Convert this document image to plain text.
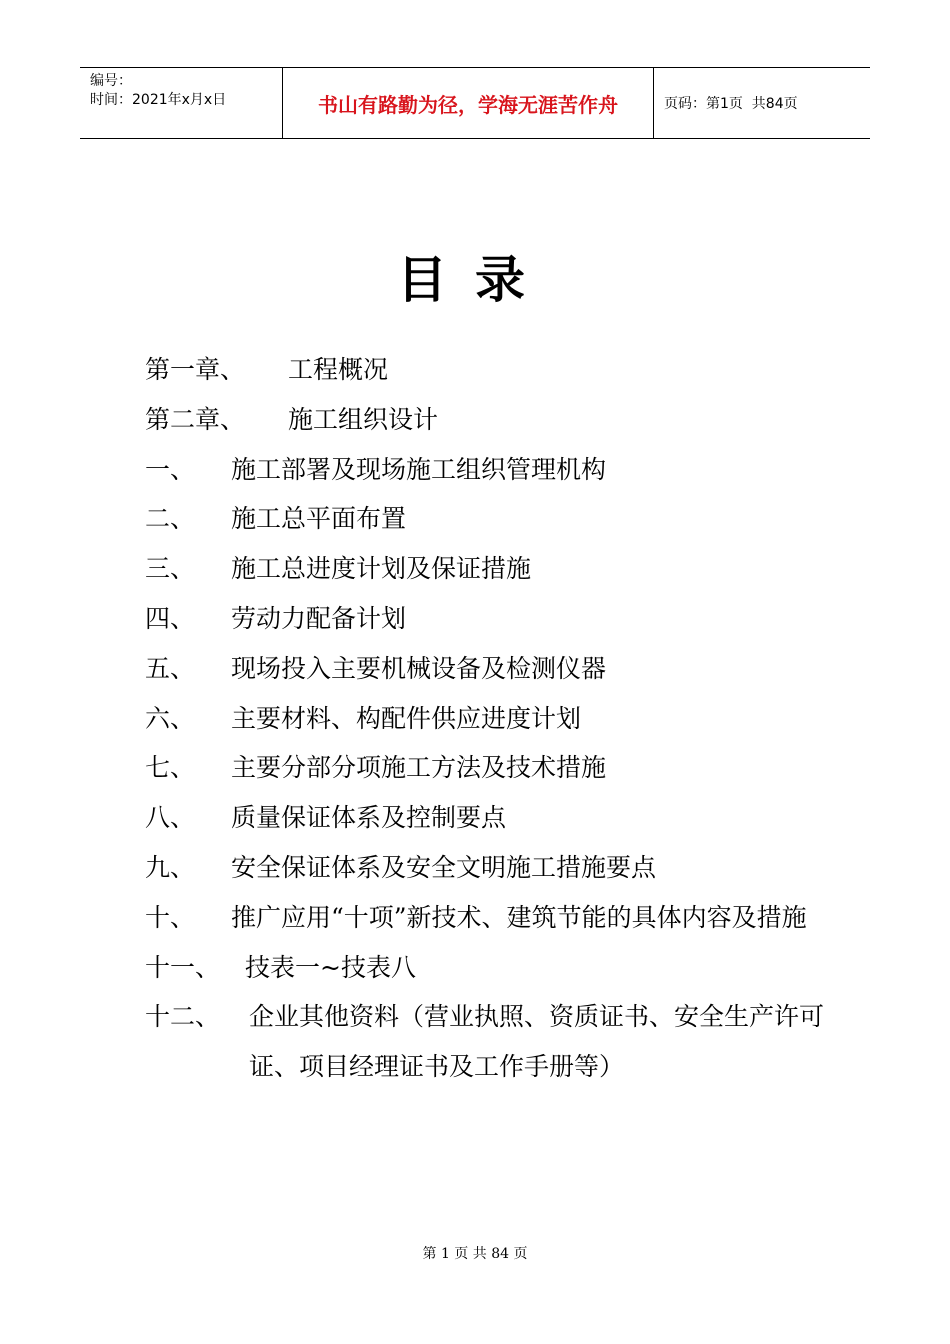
编号：
时间：2021年x月x日	书山有路勤为径，学海无涯苦作舟	页码：第1页  共84页
目录
第一章、	工程概况
第二章、	施工组织设计
一、	施工部署及现场施工组织管理机构
二、	施工总平面布置
三、	施工总进度计划及保证措施
四、	劳动力配备计划
五、	现场投入主要机械设备及检测仪器
六、	主要材料、构配件供应进度计划
七、	主要分部分项施工方法及技术措施
八、	质量保证体系及控制要点
九、	安全保证体系及安全文明施工措施要点
十、	推广应用“十项”新技术、建筑节能的具体内容及措施
十一、 技表一~技表八
十二、	企业其他资料（营业执照、资质证书、安全生产许可证、项目经理证书及工作手册等）
第 1 页 共 84 页
